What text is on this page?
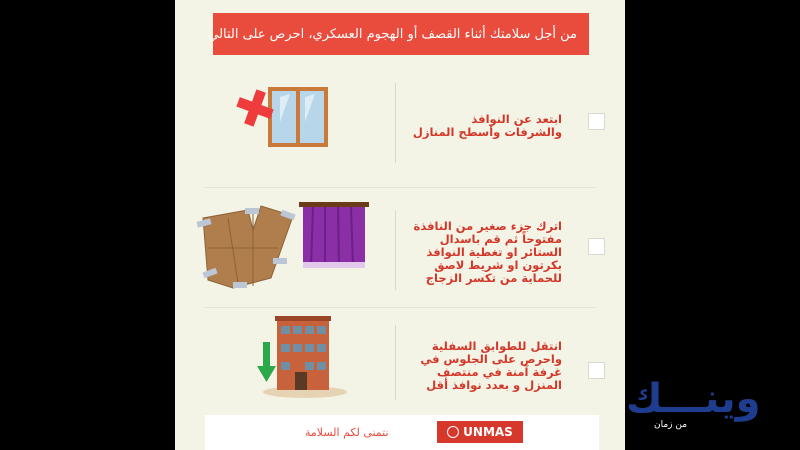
من أجل سلامتك أثناء القصف أو الهجوم العسكري، احرص على التالي
ابتعد عن النوافذ والشرفات وأسطح المنازل
اترك جزء صغير من النافذة مفتوحاً ثم قم باسدال الستائر او تغطية النوافذ بكرتون او شريط لاصق للحماية من تكسر الزجاج
انتقل للطوابق السفلية واحرص على الجلوس في غرفة آمنة في منتصف المنزل و بعدد نوافذ أقل
نتمنى لكم السلامة	UNMAS
وينـــك
من زمان
